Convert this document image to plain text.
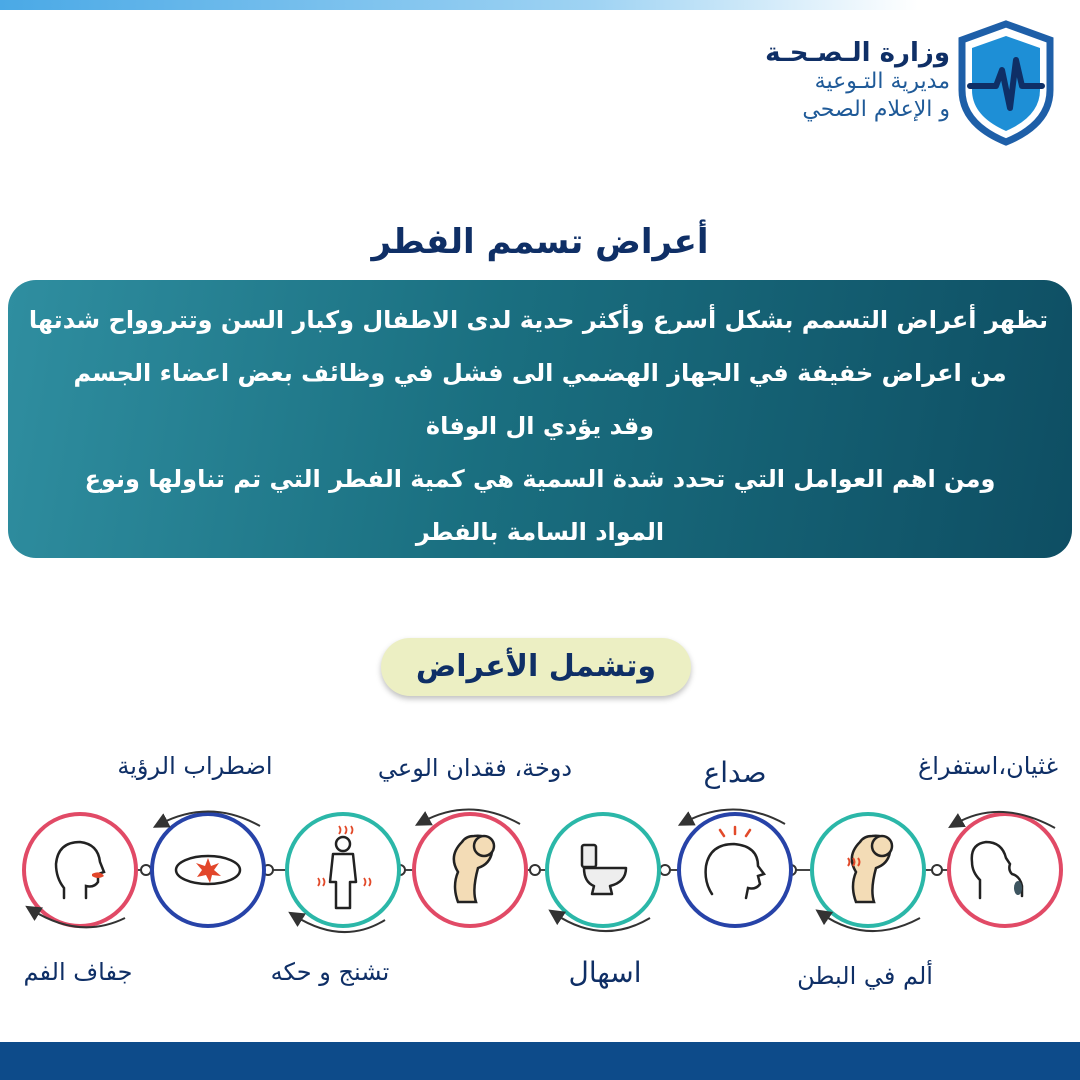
وزارة الـصـحـة
مديرية التـوعية
و الإعلام الصحي
أعراض تسمم الفطر
تظهر أعراض التسمم بشكل أسرع وأكثر حدية لدى الاطفال وكبار السن وتتروواح شدتها
من اعراض خفيفة في الجهاز الهضمي الى فشل في وظائف بعض اعضاء الجسم
وقد يؤدي ال الوفاة
ومن اهم العوامل التي تحدد شدة السمية هي كمية الفطر التي تم تناولها ونوع
المواد السامة بالفطر
وتشمل الأعراض
غثيان،استفراغ
ألم في البطن
صداع
اسهال
دوخة، فقدان الوعي
تشنج و حكه
اضطراب الرؤية
جفاف الفم
